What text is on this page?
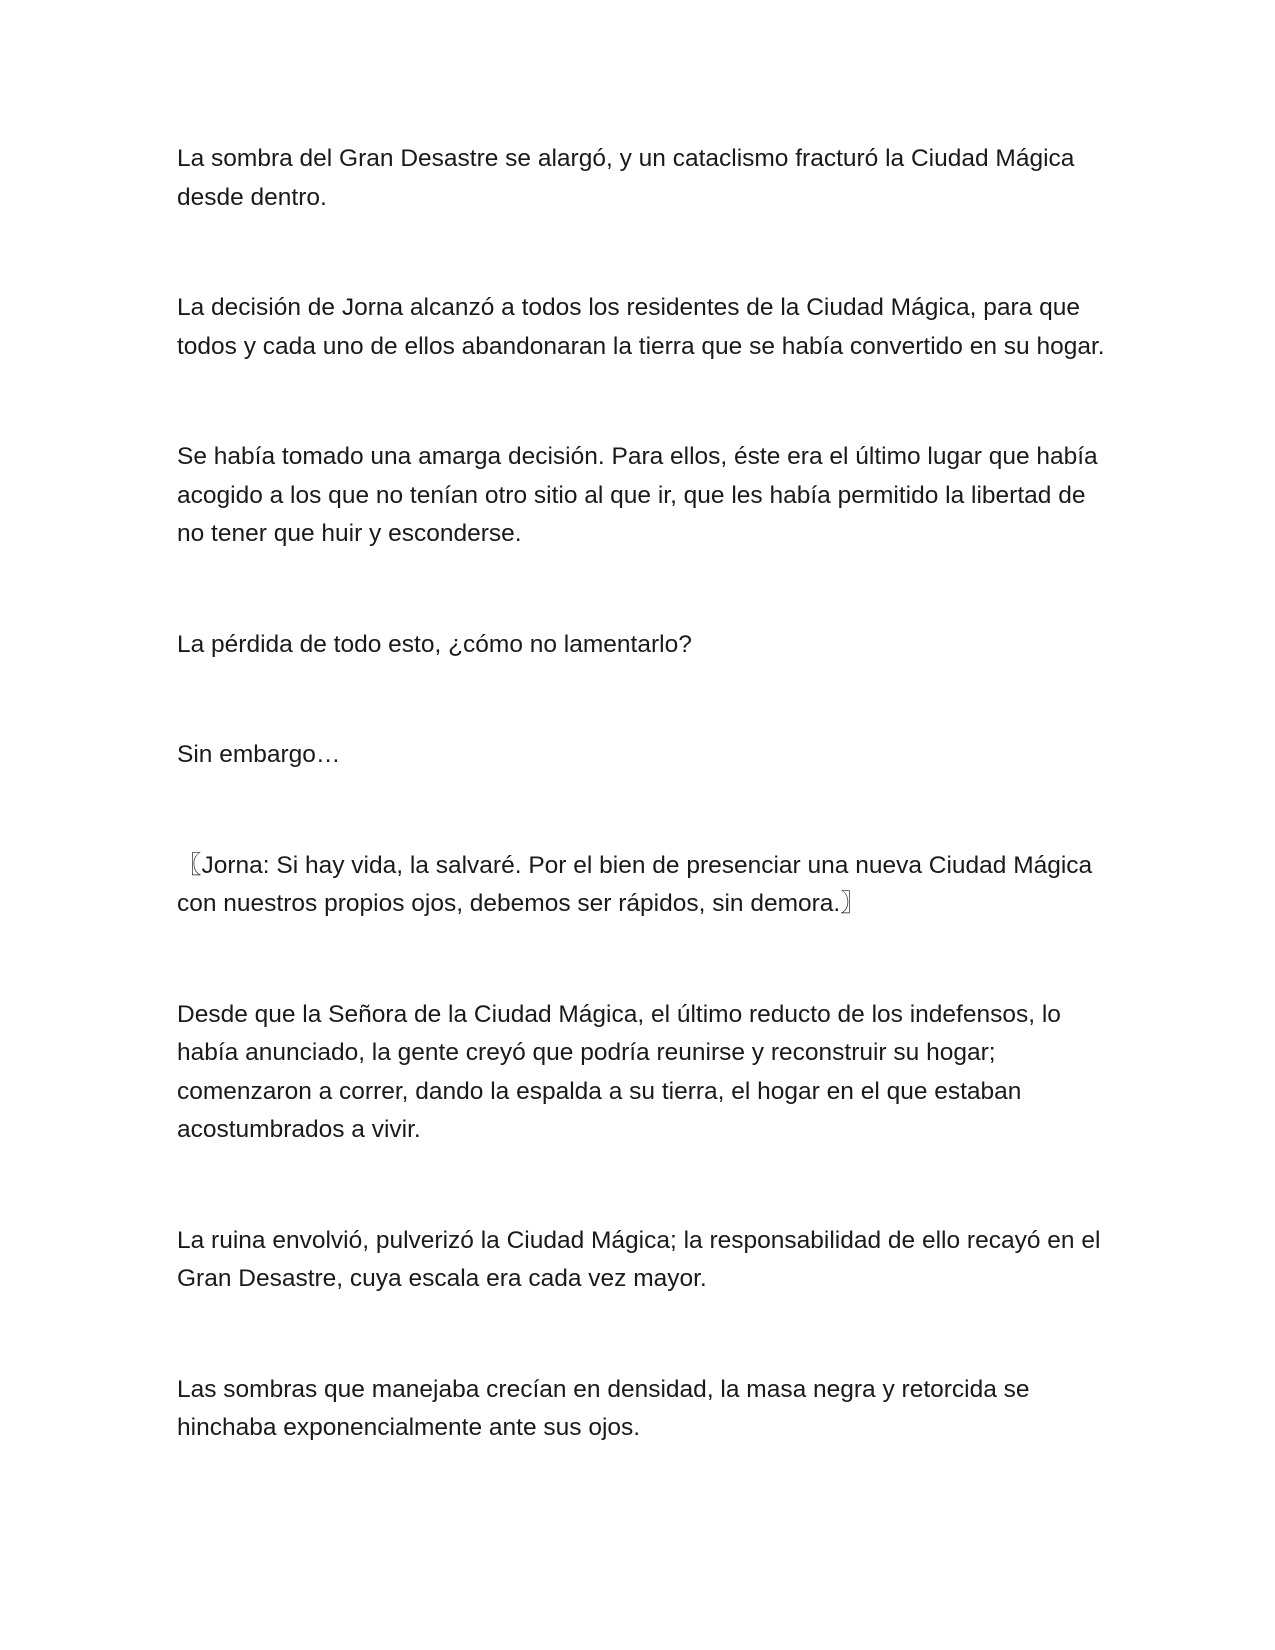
La sombra del Gran Desastre se alargó, y un cataclismo fracturó la Ciudad Mágica desde dentro.

La decisión de Jorna alcanzó a todos los residentes de la Ciudad Mágica, para que todos y cada uno de ellos abandonaran la tierra que se había convertido en su hogar.

Se había tomado una amarga decisión. Para ellos, éste era el último lugar que había acogido a los que no tenían otro sitio al que ir, que les había permitido la libertad de no tener que huir y esconderse.

La pérdida de todo esto, ¿cómo no lamentarlo?

Sin embargo…

〖Jorna: Si hay vida, la salvaré. Por el bien de presenciar una nueva Ciudad Mágica con nuestros propios ojos, debemos ser rápidos, sin demora.〗

Desde que la Señora de la Ciudad Mágica, el último reducto de los indefensos, lo había anunciado, la gente creyó que podría reunirse y reconstruir su hogar; comenzaron a correr, dando la espalda a su tierra, el hogar en el que estaban acostumbrados a vivir.

La ruina envolvió, pulverizó la Ciudad Mágica; la responsabilidad de ello recayó en el Gran Desastre, cuya escala era cada vez mayor.

Las sombras que manejaba crecían en densidad, la masa negra y retorcida se hinchaba exponencialmente ante sus ojos.
